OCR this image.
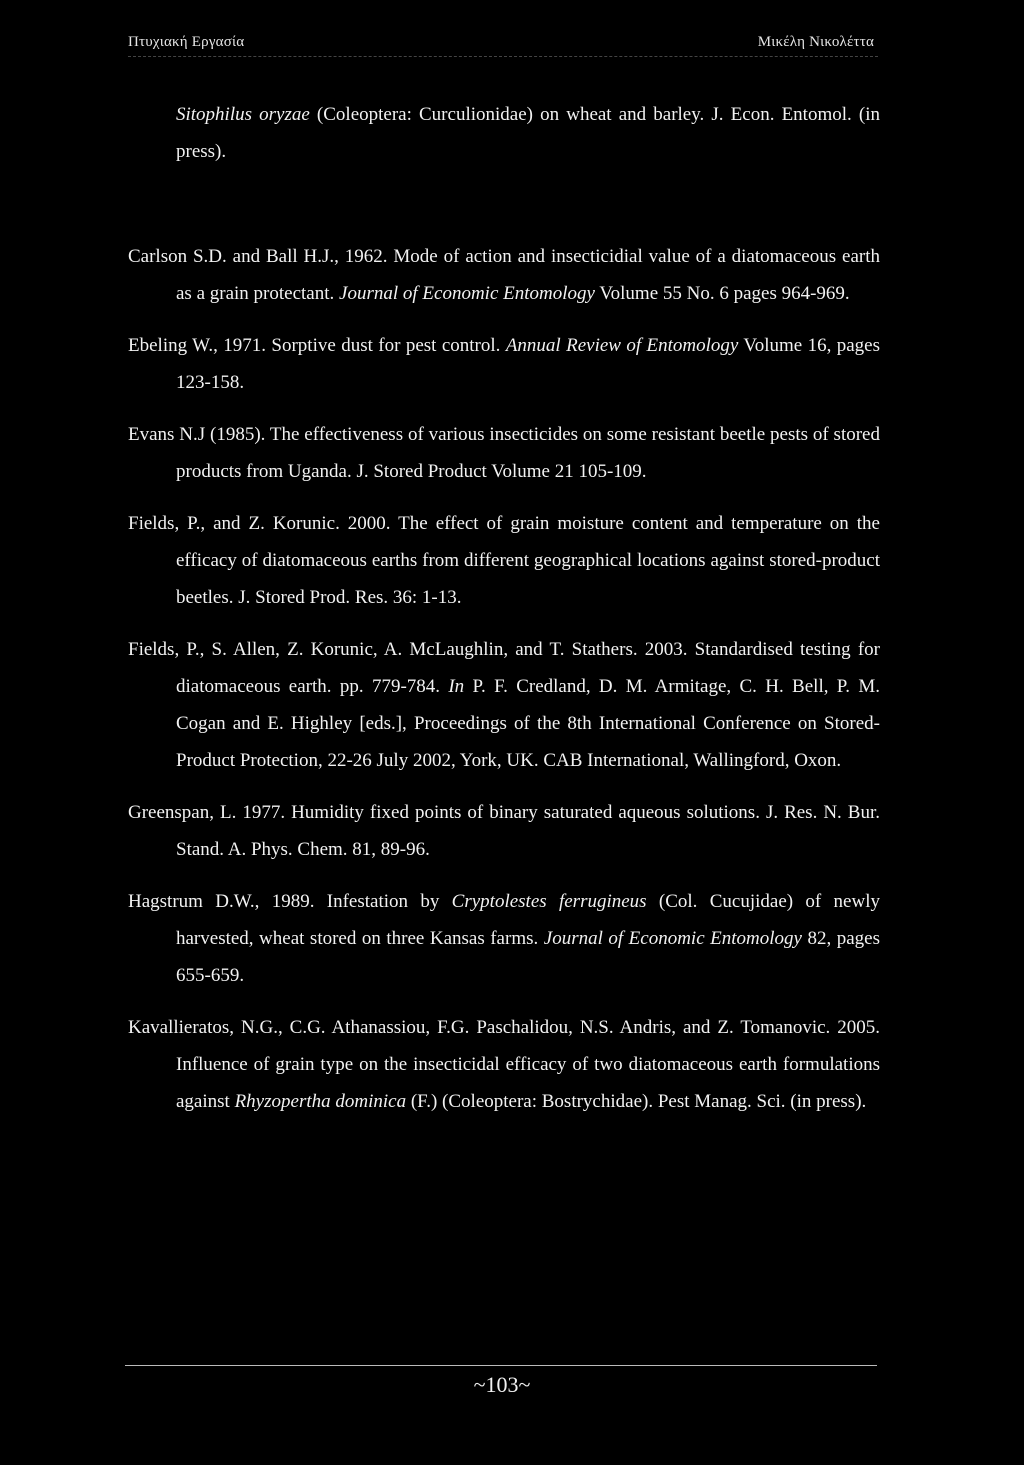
Πτυχιακή Εργασία	Μικέλη Νικολέττα

Sitophilus oryzae (Coleoptera: Curculionidae) on wheat and barley. J. Econ. Entomol. (in press).

Carlson S.D. and Ball H.J., 1962. Mode of action and insecticidial value of a diatomaceous earth as a grain protectant. Journal of Economic Entomology Volume 55 No. 6 pages 964-969.

Ebeling W., 1971. Sorptive dust for pest control. Annual Review of Entomology Volume 16, pages 123-158.

Evans N.J (1985). The effectiveness of various insecticides on some resistant beetle pests of stored products from Uganda. J. Stored Product Volume 21 105-109.

Fields, P., and Z. Korunic. 2000. The effect of grain moisture content and temperature on the efficacy of diatomaceous earths from different geographical locations against stored-product beetles. J. Stored Prod. Res. 36: 1-13.

Fields, P., S. Allen, Z. Korunic, A. McLaughlin, and T. Stathers. 2003. Standardised testing for diatomaceous earth. pp. 779-784. In P. F. Credland, D. M. Armitage, C. H. Bell, P. M. Cogan and E. Highley [eds.], Proceedings of the 8th International Conference on Stored-Product Protection, 22-26 July 2002, York, UK. CAB International, Wallingford, Oxon.

Greenspan, L. 1977. Humidity fixed points of binary saturated aqueous solutions. J. Res. N. Bur. Stand. A. Phys. Chem. 81, 89-96.

Hagstrum D.W., 1989. Infestation by Cryptolestes ferrugineus (Col. Cucujidae) of newly harvested, wheat stored on three Kansas farms. Journal of Economic Entomology 82, pages 655-659.

Kavallieratos, N.G., C.G. Athanassiou, F.G. Paschalidou, N.S. Andris, and Z. Tomanovic. 2005. Influence of grain type on the insecticidal efficacy of two diatomaceous earth formulations against Rhyzopertha dominica (F.) (Coleoptera: Bostrychidae). Pest Manag. Sci. (in press).

~103~
